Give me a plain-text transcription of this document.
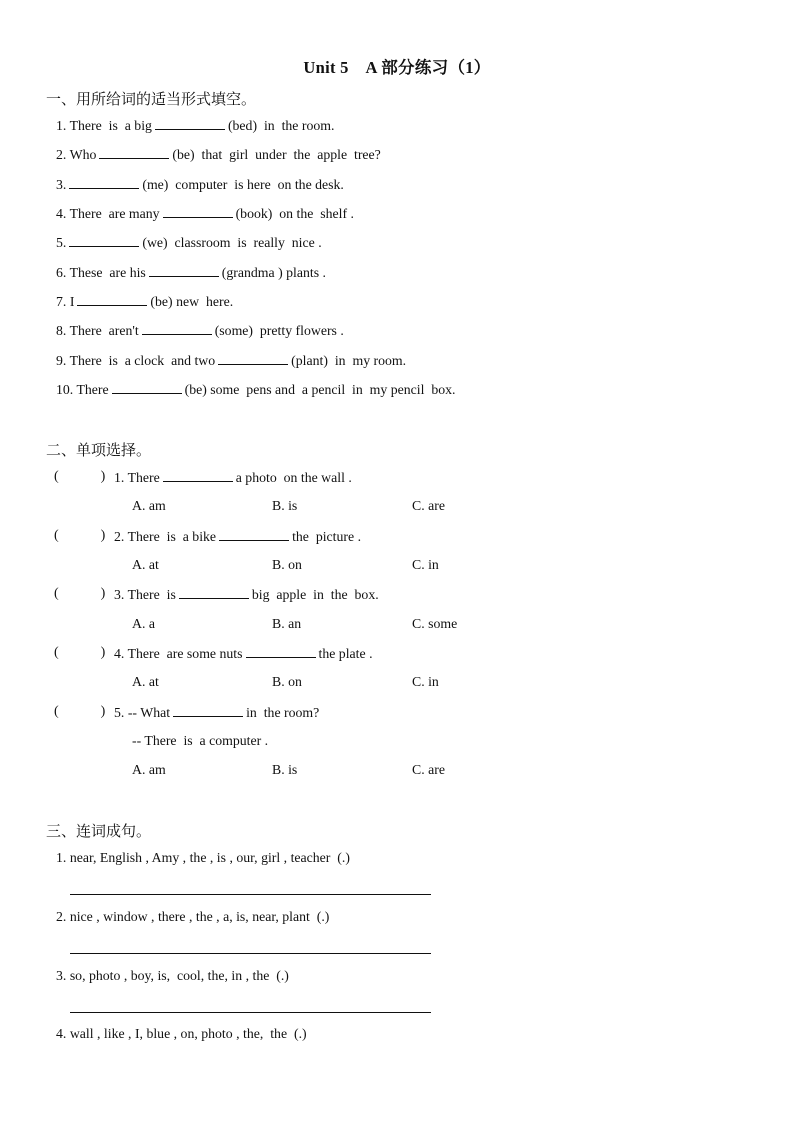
Unit 5　A 部分练习（1）
一、用所给词的适当形式填空。
1. There  is  a big	(bed)  in  the room.
2. Who	(be)  that  girl  under  the  apple  tree?
3.	(me)  computer  is here  on the desk.
4. There  are many	(book)  on the  shelf .
5.	(we)  classroom  is  really  nice .
6. These  are his	(grandma ) plants .
7. I	(be) new  here.
8. There  aren't	(some)  pretty flowers .
9. There  is  a clock  and two	(plant)  in  my room.
10. There	(be) some  pens and  a pencil  in  my pencil  box.
二、单项选择。
(            ) 1. There	a photo  on the wall .
A. am	B. is	C. are
(            ) 2. There  is  a bike	the  picture .
A. at	B. on	C. in
(            ) 3. There  is	big  apple  in  the  box.
A. a	B. an	C. some
(            ) 4. There  are some nuts	the plate .
A. at	B. on	C. in
(            ) 5. -- What	in  the room?
-- There  is  a computer .
A. am	B. is	C. are
三、连词成句。
1. near, English , Amy , the , is , our, girl , teacher  (.)
2. nice , window , there , the , a, is, near, plant  (.)
3. so, photo , boy, is,  cool, the, in , the  (.)
4. wall , like , I, blue , on, photo , the,  the  (.)
